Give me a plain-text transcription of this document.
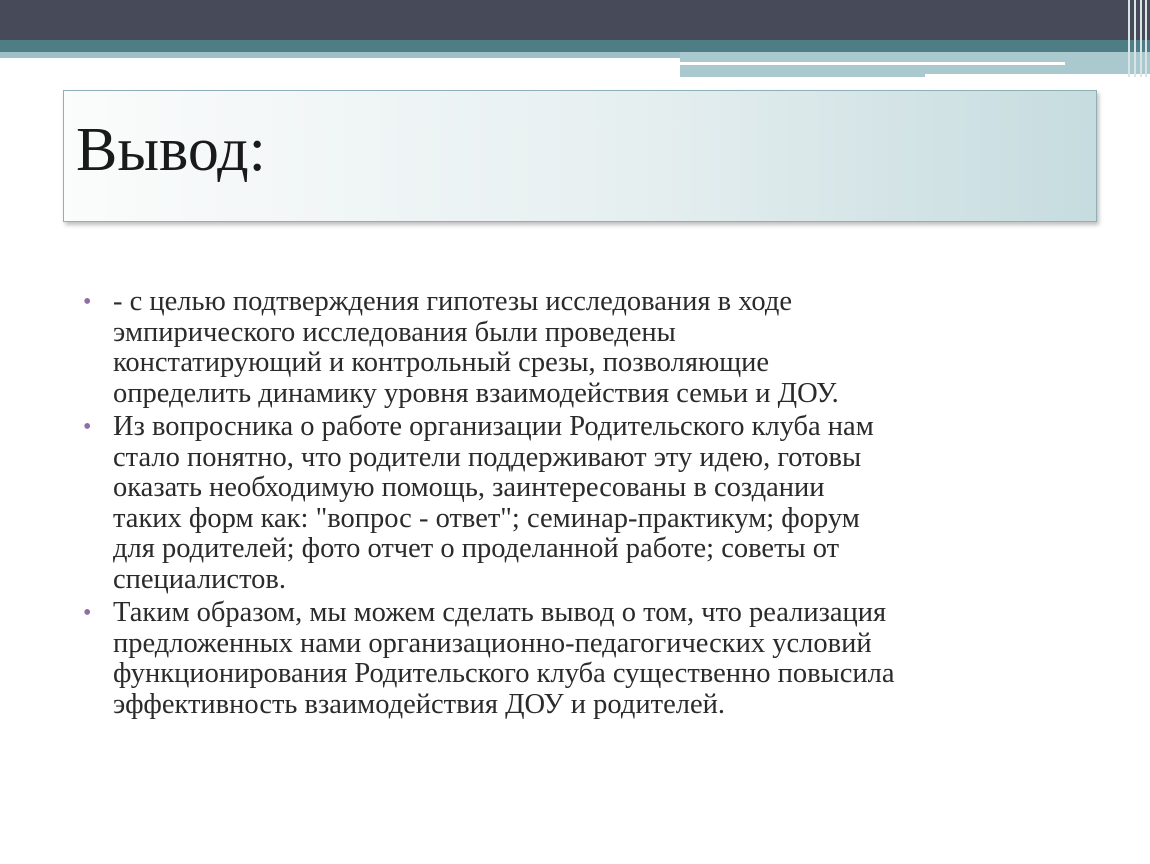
Вывод:
• - с целью подтверждения гипотезы исследования в ходе
эмпирического исследования были проведены
констатирующий и контрольный срезы, позволяющие
определить динамику уровня взаимодействия семьи и ДОУ.
• Из вопросника о работе организации Родительского клуба нам
стало понятно, что родители поддерживают эту идею, готовы
оказать необходимую помощь, заинтересованы в создании
таких форм как: "вопрос - ответ"; семинар-практикум; форум
для родителей; фото отчет о проделанной работе; советы от
специалистов.
• Таким образом, мы можем сделать вывод о том, что реализация
предложенных нами организационно-педагогических условий
функционирования Родительского клуба существенно повысила
эффективность взаимодействия ДОУ и родителей.
